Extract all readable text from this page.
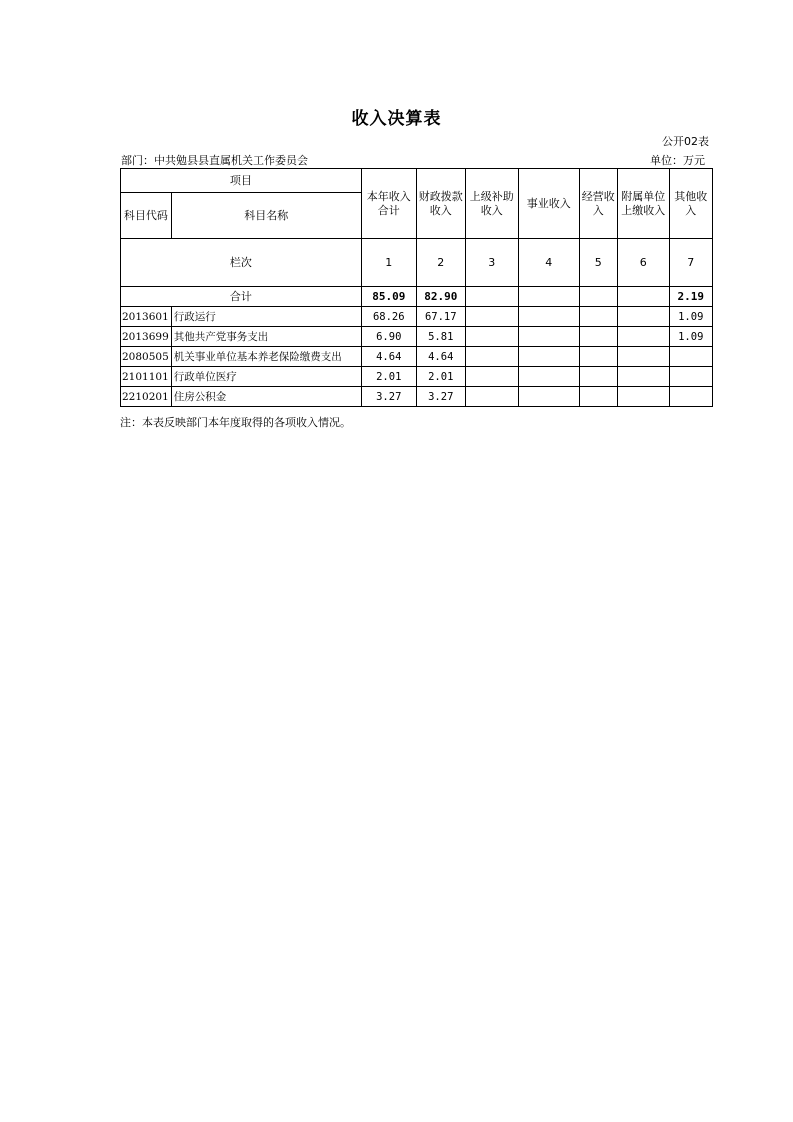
收入决算表
公开02表
部门：中共勉县县直属机关工作委员会	单位：万元
项目		本年收入合计	财政拨款收入	上级补助收入	事业收入	经营收入	附属单位上缴收入	其他收入
科目代码	科目名称							
栏次		1	2	3	4	5	6	7
合计		85.09	82.90					2.19
2013601	行政运行	68.26	67.17					1.09
2013699	其他共产党事务支出	6.90	5.81					1.09
2080505	机关事业单位基本养老保险缴费支出	4.64	4.64					
2101101	行政单位医疗	2.01	2.01					
2210201	住房公积金	3.27	3.27					
注：本表反映部门本年度取得的各项收入情况。
